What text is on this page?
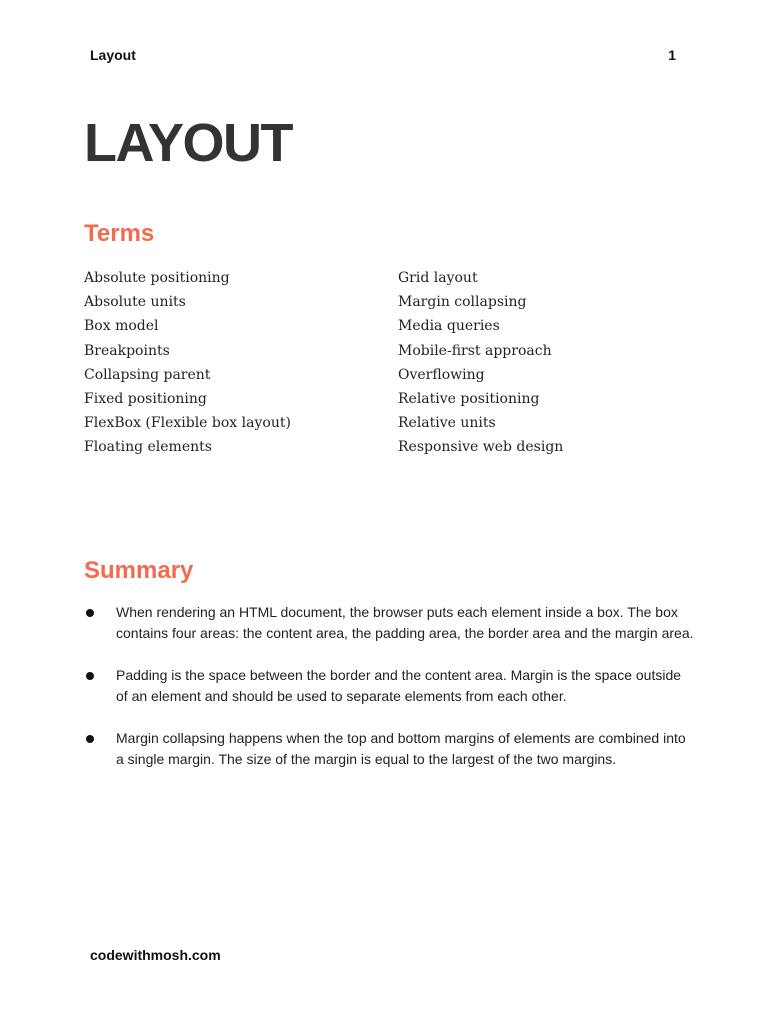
Layout	1
LAYOUT
Terms
Absolute positioning
Absolute units
Box model
Breakpoints
Collapsing parent
Fixed positioning
FlexBox (Flexible box layout)
Floating elements
Grid layout
Margin collapsing
Media queries
Mobile-first approach
Overflowing
Relative positioning
Relative units
Responsive web design
Summary
When rendering an HTML document, the browser puts each element inside a box. The box contains four areas: the content area, the padding area, the border area and the margin area.
Padding is the space between the border and the content area. Margin is the space outside of an element and should be used to separate elements from each other.
Margin collapsing happens when the top and bottom margins of elements are combined into a single margin. The size of the margin is equal to the largest of the two margins.
codewithmosh.com
